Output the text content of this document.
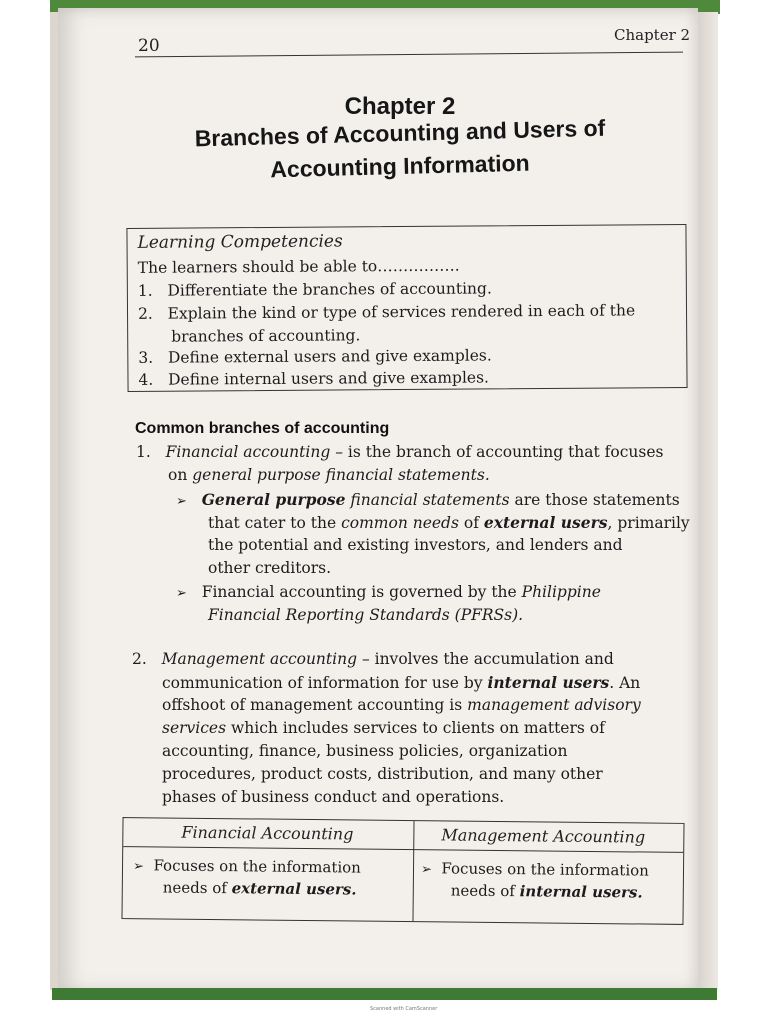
20
Chapter 2
Chapter 2
Branches of Accounting and Users of
Accounting Information
Learning Competencies
The learners should be able to…………….
1. Differentiate the branches of accounting.
2. Explain the kind or type of services rendered in each of the
branches of accounting.
3. Define external users and give examples.
4. Define internal users and give examples.
Common branches of accounting
1. Financial accounting – is the branch of accounting that focuses
on general purpose financial statements.
➢ General purpose financial statements are those statements
that cater to the common needs of external users, primarily
the potential and existing investors, and lenders and
other creditors.
➢ Financial accounting is governed by the Philippine
Financial Reporting Standards (PFRSs).
2. Management accounting – involves the accumulation and
communication of information for use by internal users. An
offshoot of management accounting is management advisory
services which includes services to clients on matters of
accounting, finance, business policies, organization
procedures, product costs, distribution, and many other
phases of business conduct and operations.
Financial Accounting	Management Accounting
➢ Focuses on the information
needs of external users.
➢ Focuses on the information
needs of internal users.
Scanned with CamScanner
